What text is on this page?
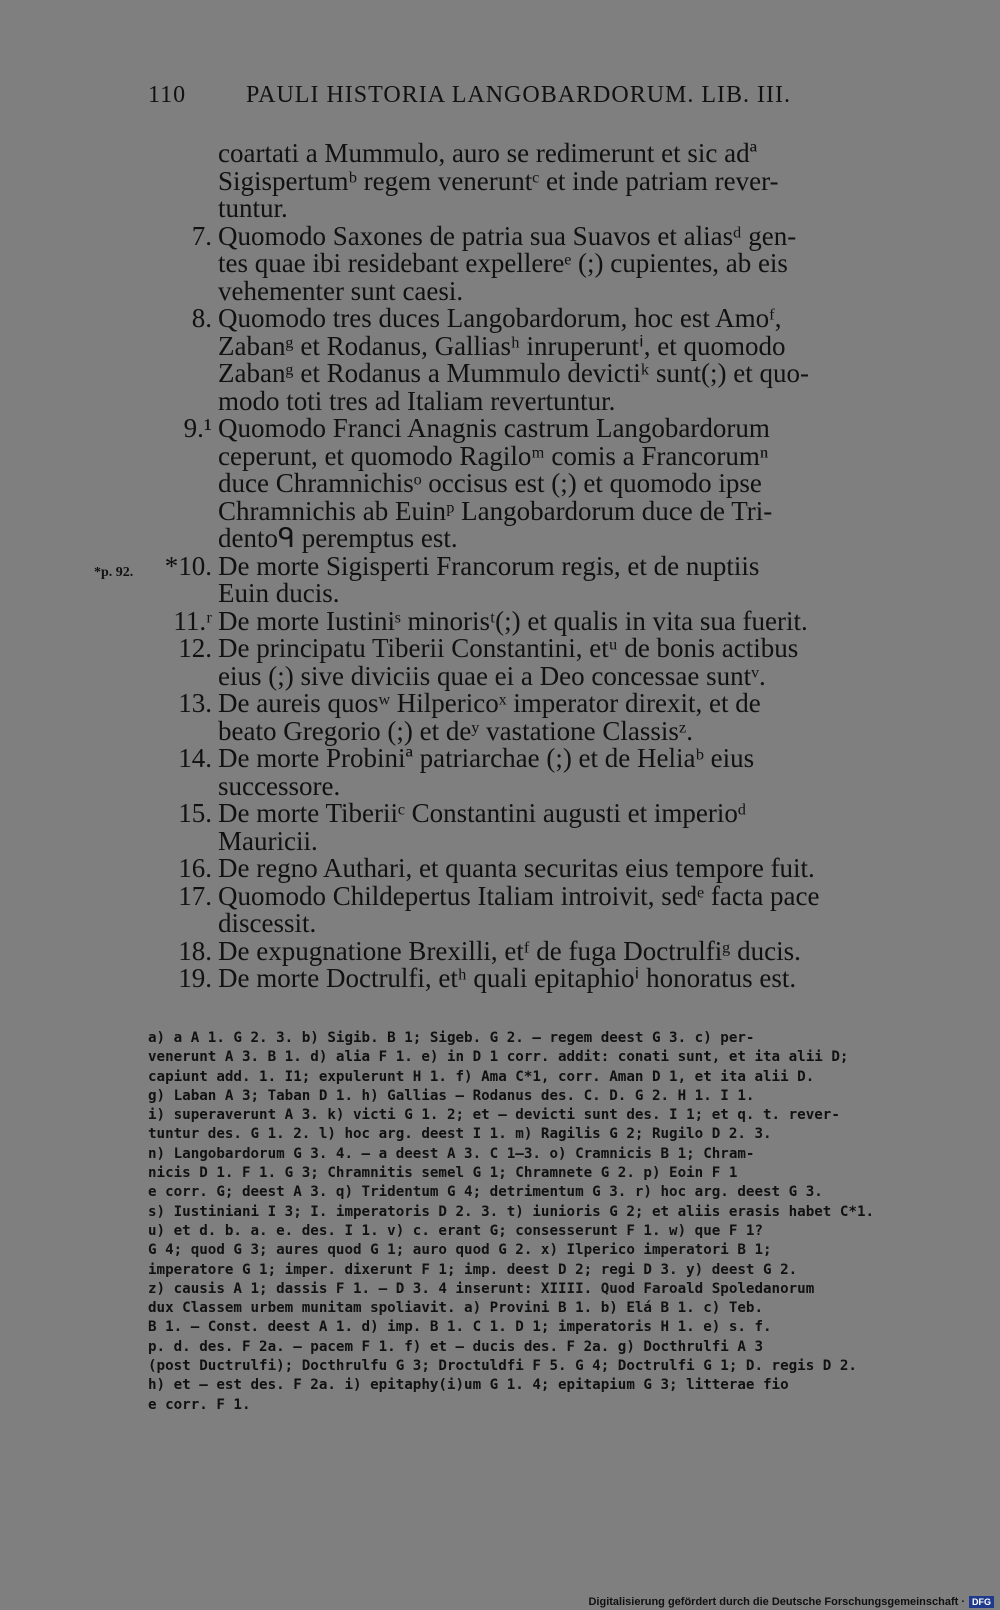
110	PAULI HISTORIA LANGOBARDORUM. LIB. III.
coartati a Mummulo, auro se redimerunt et sic adª
Sigispertumᵇ regem veneruntᶜ et inde patriam rever-
tuntur.
7. Quomodo Saxones de patria sua Suavos et aliasᵈ gen-
tes quae ibi residebant expellereᵉ (;) cupientes, ab eis
vehementer sunt caesi.
8. Quomodo tres duces Langobardorum, hoc est Amoᶠ,
Zabanᵍ et Rodanus, Galliasʰ inruperuntⁱ, et quomodo
Zabanᵍ et Rodanus a Mummulo devictiᵏ sunt(;) et quo-
modo toti tres ad Italiam revertuntur.
9.¹ Quomodo Franci Anagnis castrum Langobardorum
ceperunt, et quomodo Ragiloᵐ comis a Francorumⁿ
duce Chramnichisᵒ occisus est (;) et quomodo ipse
Chramnichis ab Euinᵖ Langobardorum duce de Tri-
dentoᑫ peremptus est.
*p. 92.	*10. De morte Sigisperti Francorum regis, et de nuptiis
Euin ducis.
11.ʳ De morte Iustiniˢ minorisᵗ(;) et qualis in vita sua fuerit.
12. De principatu Tiberii Constantini, etᵘ de bonis actibus
eius (;) sive diviciis quae ei a Deo concessae suntᵛ.
13. De aureis quosʷ Hilpericoˣ imperator direxit, et de
beato Gregorio (;) et deʸ vastatione Classisᶻ.
14. De morte Probiniª patriarchae (;) et de Heliaᵇ eius
successore.
15. De morte Tiberiiᶜ Constantini augusti et imperioᵈ
Mauricii.
16. De regno Authari, et quanta securitas eius tempore fuit.
17. Quomodo Childepertus Italiam introivit, sedᵉ facta pace
discessit.
18. De expugnatione Brexilli, etᶠ de fuga Doctrulfiᵍ ducis.
19. De morte Doctrulfi, etʰ quali epitaphioⁱ honoratus est.
a) a A 1. G 2. 3. b) Sigib. B 1; Sigeb. G 2. — regem deest G 3. c) per-
venerunt A 3. B 1. d) alia F 1. e) in D 1 corr. addit: conati sunt, et ita alii D;
capiunt add. 1. I1; expulerunt H 1. f) Ama C*1, corr. Aman D 1, et ita alii D.
g) Laban A 3; Taban D 1. h) Gallias — Rodanus des. C. D. G 2. H 1. I 1.
i) superaverunt A 3. k) victi G 1. 2; et — devicti sunt des. I 1; et q. t. rever-
tuntur des. G 1. 2. l) hoc arg. deest I 1. m) Ragilis G 2; Rugilo D 2. 3.
n) Langobardorum G 3. 4. — a deest A 3. C 1—3. o) Cramnicis B 1; Chram-
nicis D 1. F 1. G 3; Chramnitis semel G 1; Chramnete G 2. p) Eoin F 1
e corr. G; deest A 3. q) Tridentum G 4; detrimentum G 3. r) hoc arg. deest G 3.
s) Iustiniani I 3; I. imperatoris D 2. 3. t) iunioris G 2; et aliis erasis habet C*1.
u) et d. b. a. e. des. I 1. v) c. erant G; consesserunt F 1. w) que F 1?
G 4; quod G 3; aures quod G 1; auro quod G 2. x) Ilperico imperatori B 1;
imperatore G 1; imper. dixerunt F 1; imp. deest D 2; regi D 3. y) deest G 2.
z) causis A 1; dassis F 1. — D 3. 4 inserunt: XIIII. Quod Faroald Spoledanorum
dux Classem urbem munitam spoliavit. a) Provini B 1. b) Elá B 1. c) Teb.
B 1. — Const. deest A 1. d) imp. B 1. C 1. D 1; imperatoris H 1. e) s. f.
p. d. des. F 2a. — pacem F 1. f) et — ducis des. F 2a. g) Docthrulfi A 3
(post Ductrulfi); Docthrulfu G 3; Droctuldfi F 5. G 4; Doctrulfi G 1; D. regis D 2.
h) et — est des. F 2a. i) epitaphy(i)um G 1. 4; epitapium G 3; litterae fio
e corr. F 1.
Digitalisierung gefördert durch die Deutsche Forschungsgemeinschaft · DFG
